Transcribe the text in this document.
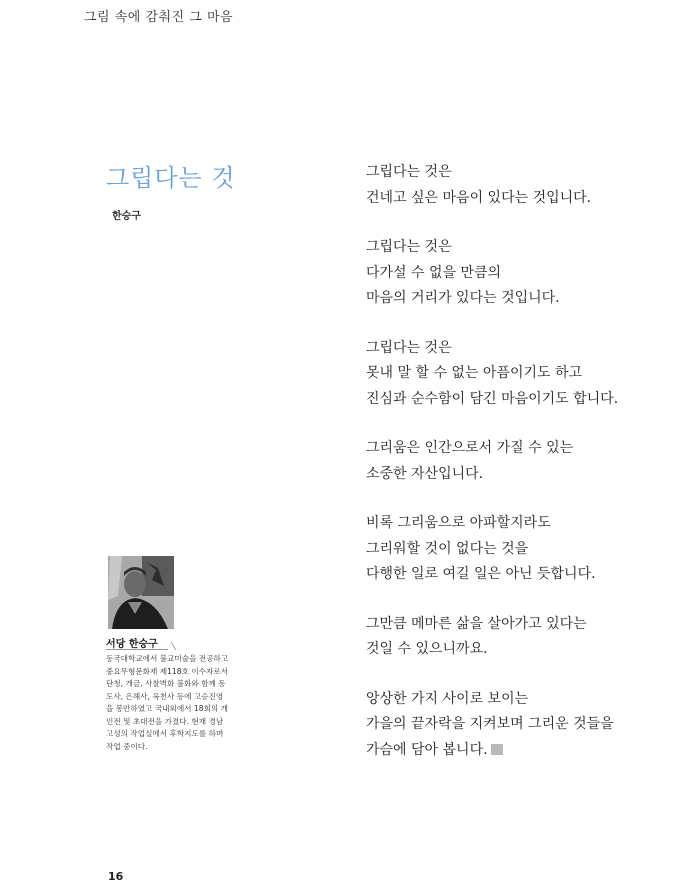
그림 속에 감춰진 그 마음
그립다는 것
한승구
그립다는 것은
건네고 싶은 마음이 있다는 것입니다.
그립다는 것은
다가설 수 없을 만큼의
마음의 거리가 있다는 것입니다.
그립다는 것은
못내 말 할 수 없는 아픔이기도 하고
진심과 순수함이 담긴 마음이기도 합니다.
그리움은 인간으로서 가질 수 있는
소중한 자산입니다.
비록 그리움으로 아파할지라도
그리워할 것이 없다는 것을
다행한 일로 여길 일은 아닌 듯합니다.
그만큼 메마른 삶을 살아가고 있다는
것일 수 있으니까요.
앙상한 가지 사이로 보이는
가을의 끝자락을 지켜보며 그리운 것들을
가슴에 담아 봅니다.
서당 한승구
동국대학교에서 불교미술을 전공하고
중요무형문화재 제118호 이수자로서
단청, 개금, 사찰벽화 불화와 함께 동
도사, 은해사, 옥천사 등에 고승진영
을 봉안하였고 국내외에서 18회의 개
인전 및 초대전을 가졌다. 현재 경남
고성의 작업실에서 후학지도를 하며
작업 중이다.
16
